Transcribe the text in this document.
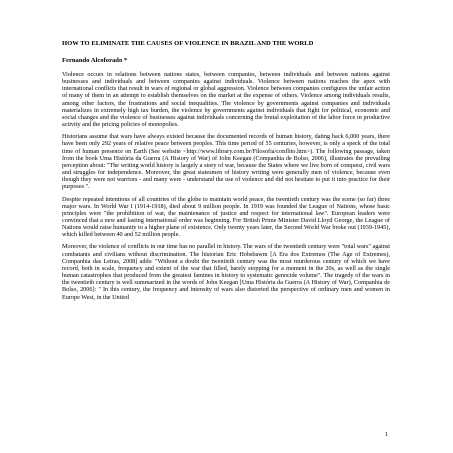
HOW TO ELIMINATE THE CAUSES OF VIOLENCE IN BRAZIL AND THE WORLD
Fernando Alcoforado *

Violence occurs in relations between nations states, between companies, between individuals and between nations against businesses and individuals and between companies against individuals. Violence between nations reaches the apex with international conflicts that result in wars of regional or global aggression. Violence between companies configures the unfair action of many of them in an attempt to establish themselves on the market at the expense of others. Violence among individuals results, among other factors, the frustrations and social inequalities. The violence by governments against companies and individuals materializes in extremely high tax burden, the violence by governments against individuals that fight for political, economic and social changes and the violence of businesses against individuals concerning the brutal exploitation of the labor force in productive activity and the pricing policies of monopolies.

Historians assume that wars have always existed because the documented records of human history, dating back 6,000 years, there have been only 292 years of relative peace between peoples. This time period of 55 centuries, however, is only a speck of the total time of human presence on Earth (See website <http://www.library.com.br/Filosofia/conflito.htm>). The following passage, taken from the book Uma História da Guerra (A History of War) of John Keegan (Companhia de Bolso, 2006), illustrates the prevailing perception about: "The writing world history is largely a story of war, because the States where we live born of conquest, civil wars and struggles for independence. Moreover, the great statesmen of history writing were generally men of violence, because even though they were not warriors - and many were - understand the use of violence and did not hesitate to put it into practice for their purposes ".

Despite repeated intentions of all countries of the globe to maintain world peace, the twentieth century was the scene (so far) three major wars. In World War I (1914-1918), died about 9 million people. In 1919 was founded the League of Nations, whose basic principles were "the prohibition of war, the maintenance of justice and respect for international law". European leaders were convinced that a new and lasting international order was beginning. For British Prime Minister David Lloyd George, the League of Nations would raise humanity to a higher plane of existence. Only twenty years later, the Second World War broke out (1939-1945), which killed between 40 and 52 million people.

Moreover, the violence of conflicts in our time has no parallel in history. The wars of the twentieth century were "total wars" against combatants and civilians without discrimination. The historian Eric Hobsbawm [A Era dos Extremos (The Age of Extremes), Companhia das Letras, 2008] adds: "Without a doubt the twentieth century was the most murderous century of which we have record, both in scale, frequency and extent of the war that filled, barely stopping for a moment in the 20s, as well as the single human catastrophes that produced from the greatest famines in history to systematic genocide volume". The tragedy of the wars in the twentieth century is well summarized in the words of John Keegan [Uma História da Guerra (A History of War), Companhia de Bolso, 2006]: " In this century, the frequency and intensity of wars also distorted the perspective of ordinary men and women in Europe West, in the United

1
